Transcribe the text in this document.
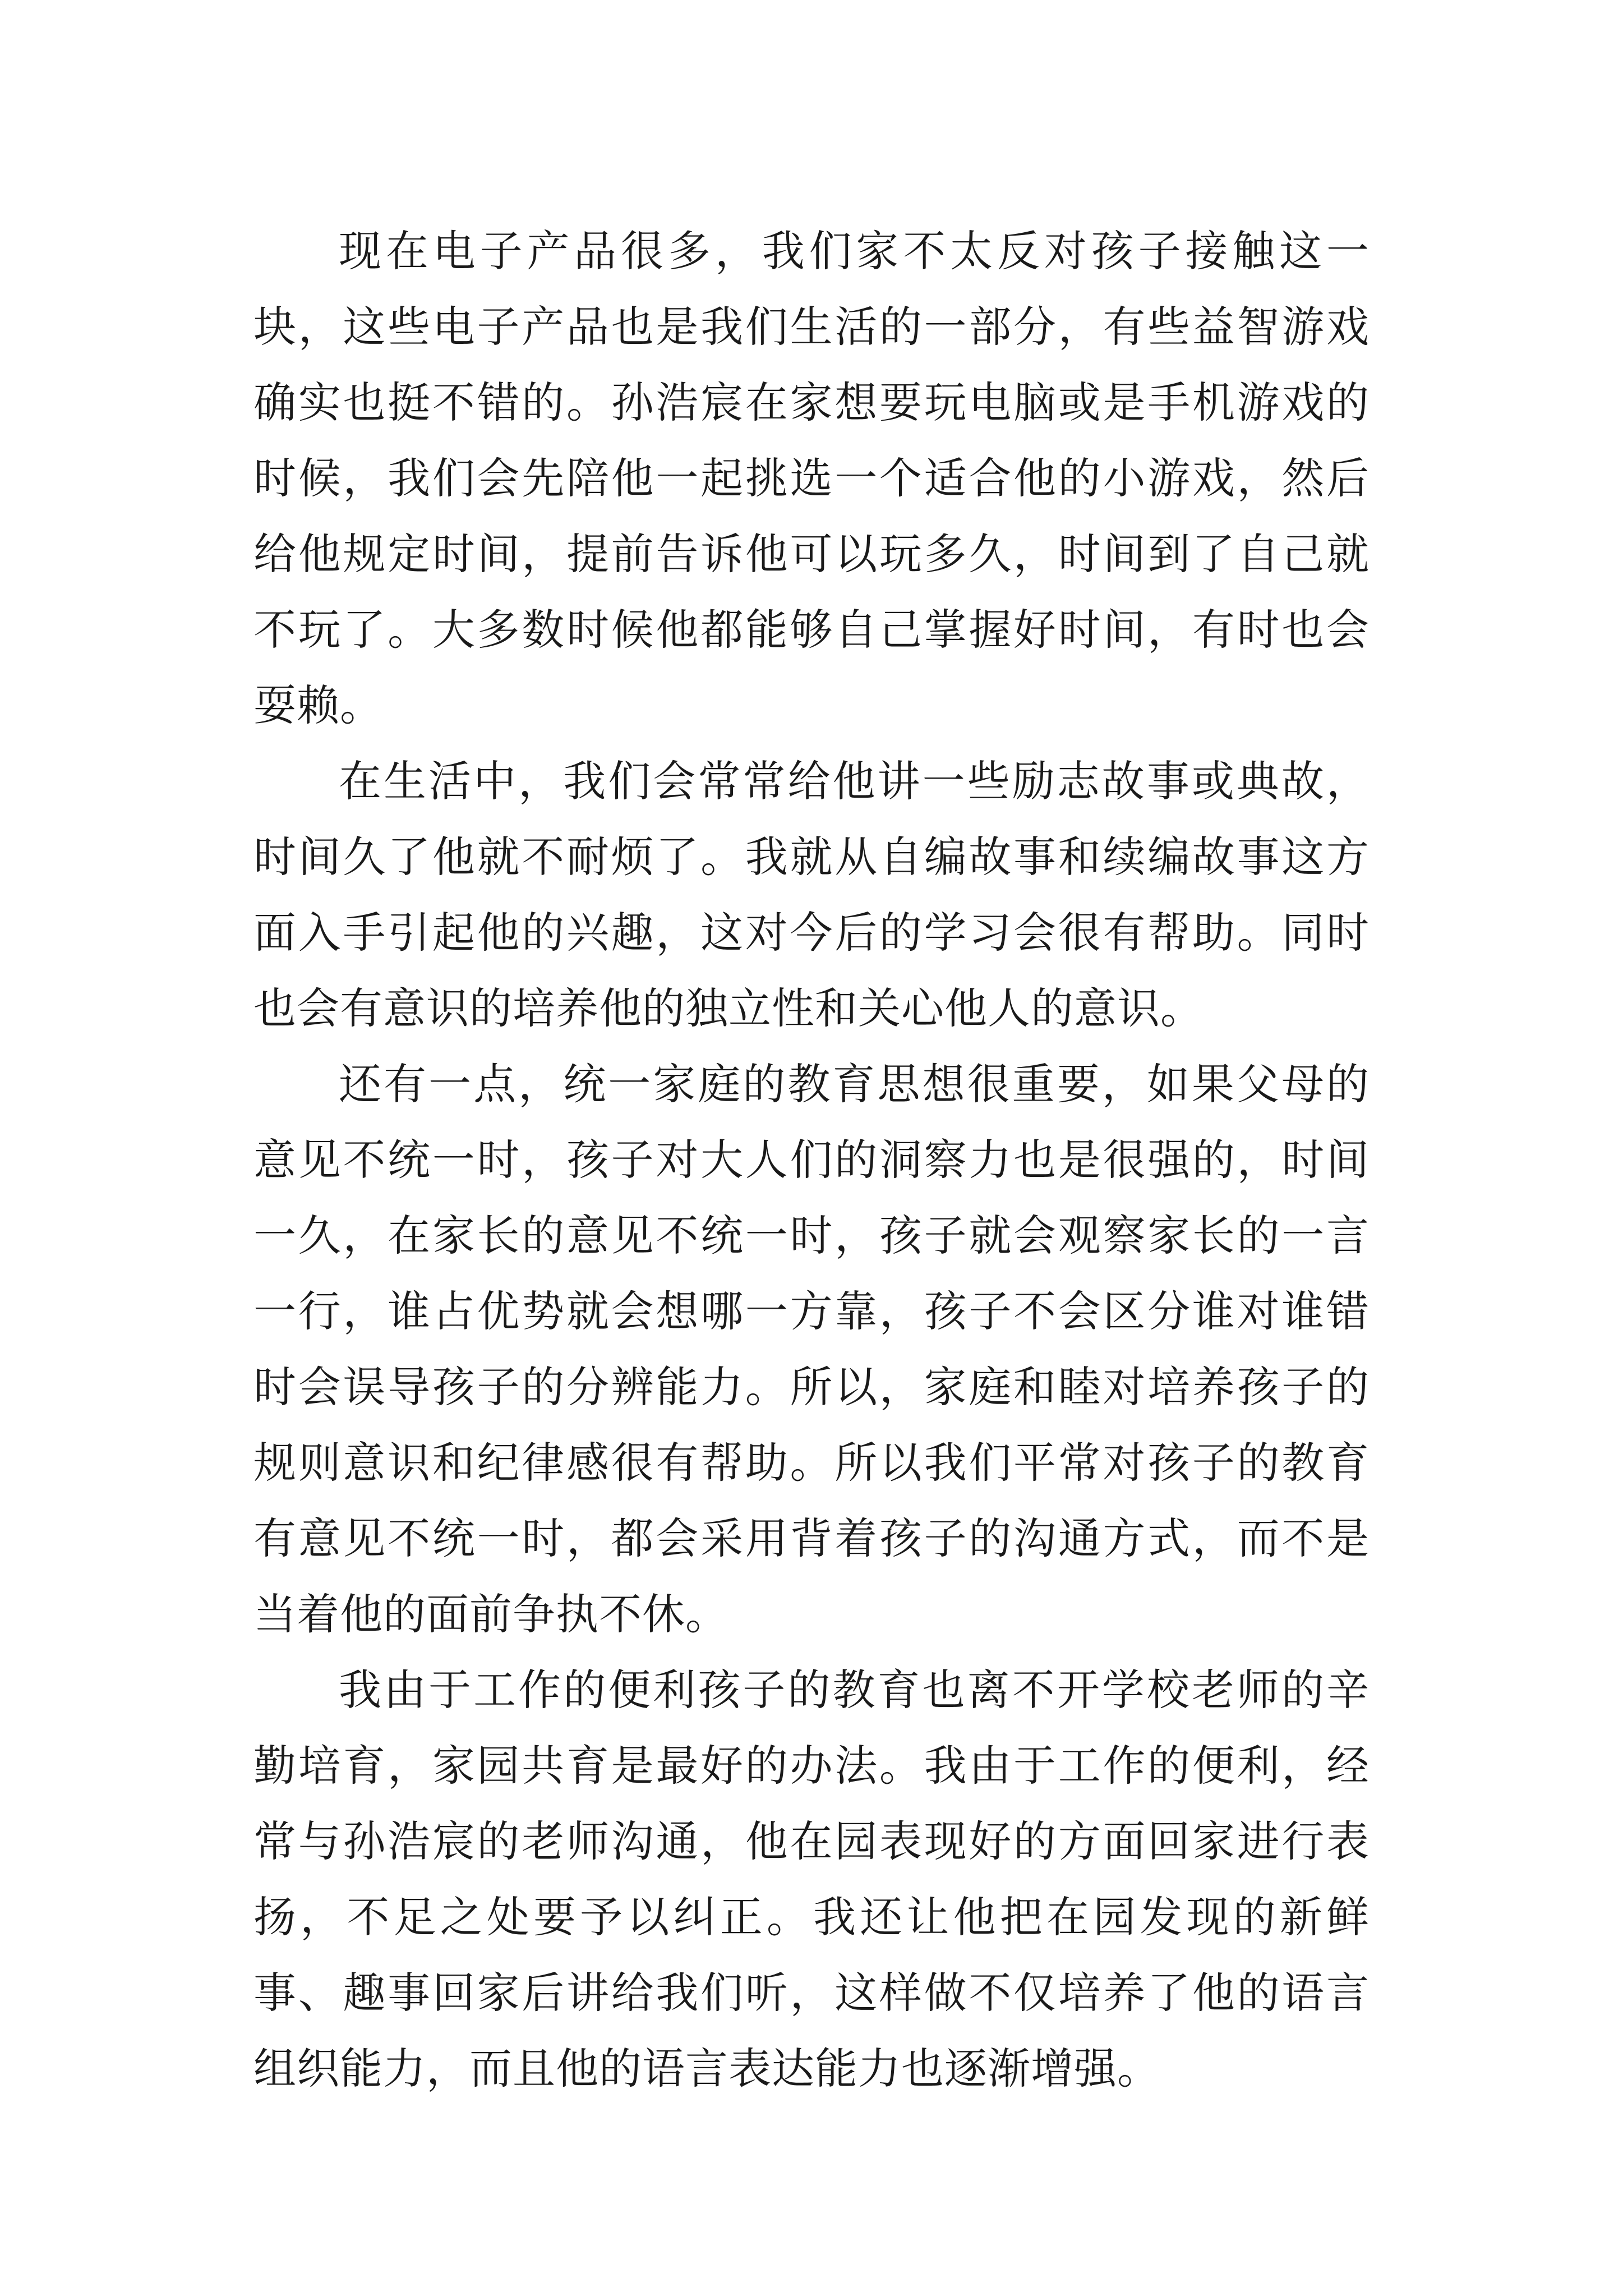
现在电子产品很多，我们家不太反对孩子接触这一块，这些电子产品也是我们生活的一部分，有些益智游戏确实也挺不错的。孙浩宸在家想要玩电脑或是手机游戏的时候，我们会先陪他一起挑选一个适合他的小游戏，然后给他规定时间，提前告诉他可以玩多久，时间到了自己就不玩了。大多数时候他都能够自己掌握好时间，有时也会耍赖。

在生活中，我们会常常给他讲一些励志故事或典故，时间久了他就不耐烦了。我就从自编故事和续编故事这方面入手引起他的兴趣，这对今后的学习会很有帮助。同时也会有意识的培养他的独立性和关心他人的意识。

还有一点，统一家庭的教育思想很重要，如果父母的意见不统一时，孩子对大人们的洞察力也是很强的，时间一久，在家长的意见不统一时，孩子就会观察家长的一言一行，谁占优势就会想哪一方靠，孩子不会区分谁对谁错时会误导孩子的分辨能力。所以，家庭和睦对培养孩子的规则意识和纪律感很有帮助。所以我们平常对孩子的教育有意见不统一时，都会采用背着孩子的沟通方式，而不是当着他的面前争执不休。

我由于工作的便利孩子的教育也离不开学校老师的辛勤培育，家园共育是最好的办法。我由于工作的便利，经常与孙浩宸的老师沟通，他在园表现好的方面回家进行表扬，不足之处要予以纠正。我还让他把在园发现的新鲜事、趣事回家后讲给我们听，这样做不仅培养了他的语言组织能力，而且他的语言表达能力也逐渐增强。
